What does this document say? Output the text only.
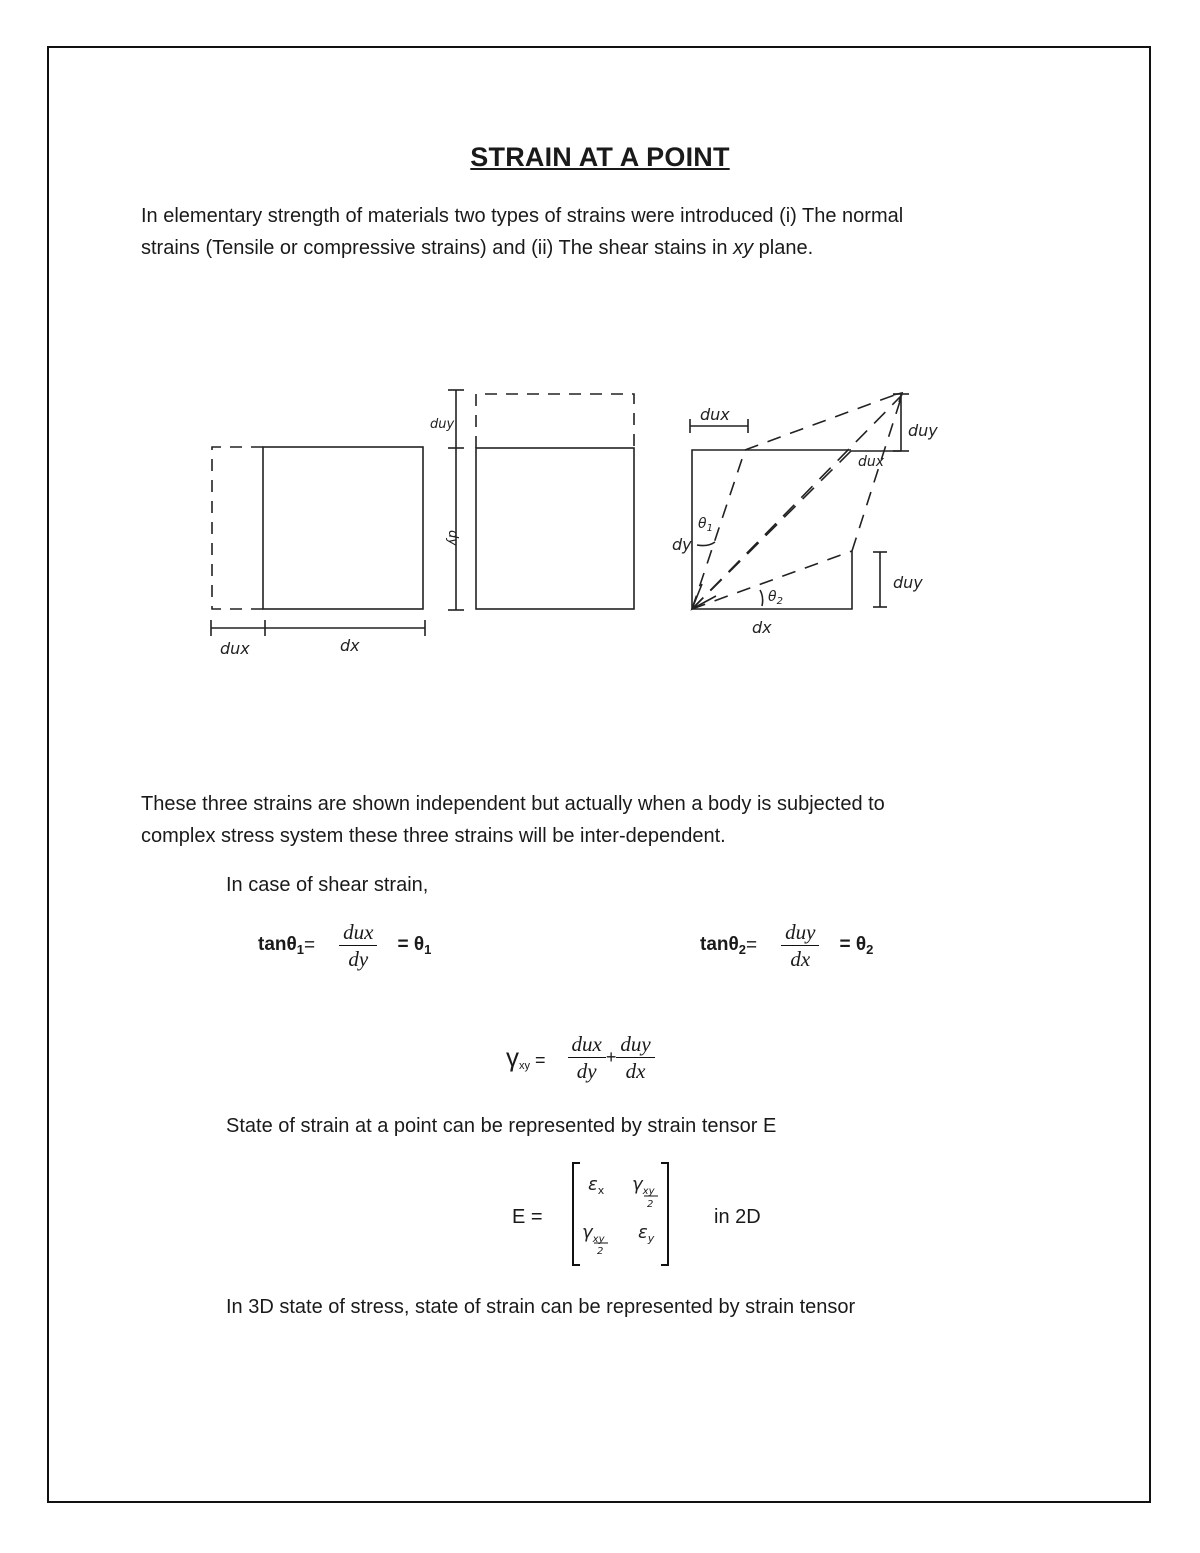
STRAIN AT A POINT

In elementary strength of materials two types of strains were introduced (i) The normal

strains (Tensile or compressive strains) and (ii) The shear stains in xy plane.

dux	dx
duy
dy
dux
duy
dux
dy
dx
duy
$\theta_1$
$\theta_2$

These three strains are shown independent but actually when a body is subjected to

complex stress system these three strains will be inter-dependent.

In case of shear strain,
$\tan\theta_1 = \frac{\text{dux}}{dy} = \theta_1$	$\tan\theta_2 = \frac{\text{duy}}{dx} = \theta_2$
$\gamma xy = \frac{\text{dux}}{dy} + \frac{\text{duy}}{dx}$
State of strain at a point can be represented by strain tensor E
E =
$\varepsilon_x$ $\gamma_{xy}$
2
$\gamma_{xy}$
2
$\varepsilon_y$
in 2D
In 3D state of stress, state of strain can be represented by strain tensor
